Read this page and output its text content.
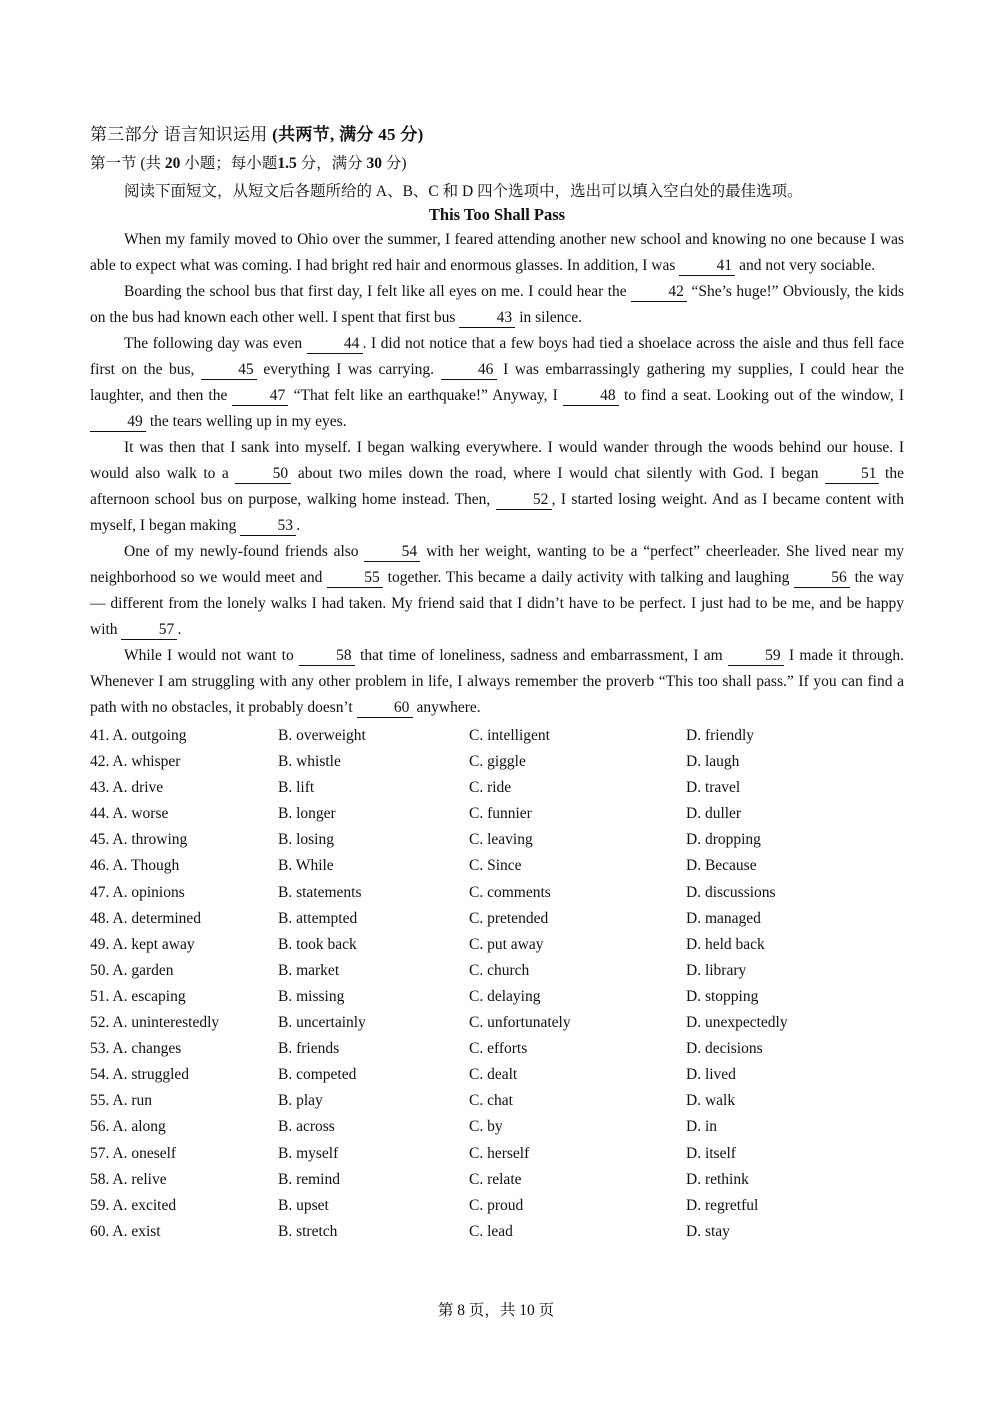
第三部分 语言知识运用 (共两节, 满分 45 分)
第一节 (共 20 小题；每小题1.5 分，满分 30 分)
阅读下面短文，从短文后各题所给的 A、B、C 和 D 四个选项中，选出可以填入空白处的最佳选项。
This Too Shall Pass

When my family moved to Ohio over the summer, I feared attending another new school and knowing no one because I was able to expect what was coming. I had bright red hair and enormous glasses. In addition, I was 41 and not very sociable.

Boarding the school bus that first day, I felt like all eyes on me. I could hear the 42 “She’s huge!” Obviously, the kids on the bus had known each other well. I spent that first bus 43 in silence.

The following day was even 44 . I did not notice that a few boys had tied a shoelace across the aisle and thus fell face first on the bus, 45 everything I was carrying. 46 I was embarrassingly gathering my supplies, I could hear the laughter, and then the 47 “That felt like an earthquake!” Anyway, I 48 to find a seat. Looking out of the window, I 49 the tears welling up in my eyes.

It was then that I sank into myself. I began walking everywhere. I would wander through the woods behind our house. I would also walk to a 50 about two miles down the road, where I would chat silently with God. I began 51 the afternoon school bus on purpose, walking home instead. Then, 52 , I started losing weight. And as I became content with myself, I began making 53 .

One of my newly-found friends also 54 with her weight, wanting to be a “perfect” cheerleader. She lived near my neighborhood so we would meet and 55 together. This became a daily activity with talking and laughing 56 the way — different from the lonely walks I had taken. My friend said that I didn’t have to be perfect. I just had to be me, and be happy with 57 .

While I would not want to 58 that time of loneliness, sadness and embarrassment, I am 59 I made it through. Whenever I am struggling with any other problem in life, I always remember the proverb “This too shall pass.” If you can find a path with no obstacles, it probably doesn’t 60 anywhere.

41. A. outgoing	B. overweight	C. intelligent	D. friendly
42. A. whisper	B. whistle	C. giggle	D. laugh
43. A. drive	B. lift	C. ride	D. travel
44. A. worse	B. longer	C. funnier	D. duller
45. A. throwing	B. losing	C. leaving	D. dropping
46. A. Though	B. While	C. Since	D. Because
47. A. opinions	B. statements	C. comments	D. discussions
48. A. determined	B. attempted	C. pretended	D. managed
49. A. kept away	B. took back	C. put away	D. held back
50. A. garden	B. market	C. church	D. library
51. A. escaping	B. missing	C. delaying	D. stopping
52. A. uninterestedly	B. uncertainly	C. unfortunately	D. unexpectedly
53. A. changes	B. friends	C. efforts	D. decisions
54. A. struggled	B. competed	C. dealt	D. lived
55. A. run	B. play	C. chat	D. walk
56. A. along	B. across	C. by	D. in
57. A. oneself	B. myself	C. herself	D. itself
58. A. relive	B. remind	C. relate	D. rethink
59. A. excited	B. upset	C. proud	D. regretful
60. A. exist	B. stretch	C. lead	D. stay
第 8 页，共 10 页
